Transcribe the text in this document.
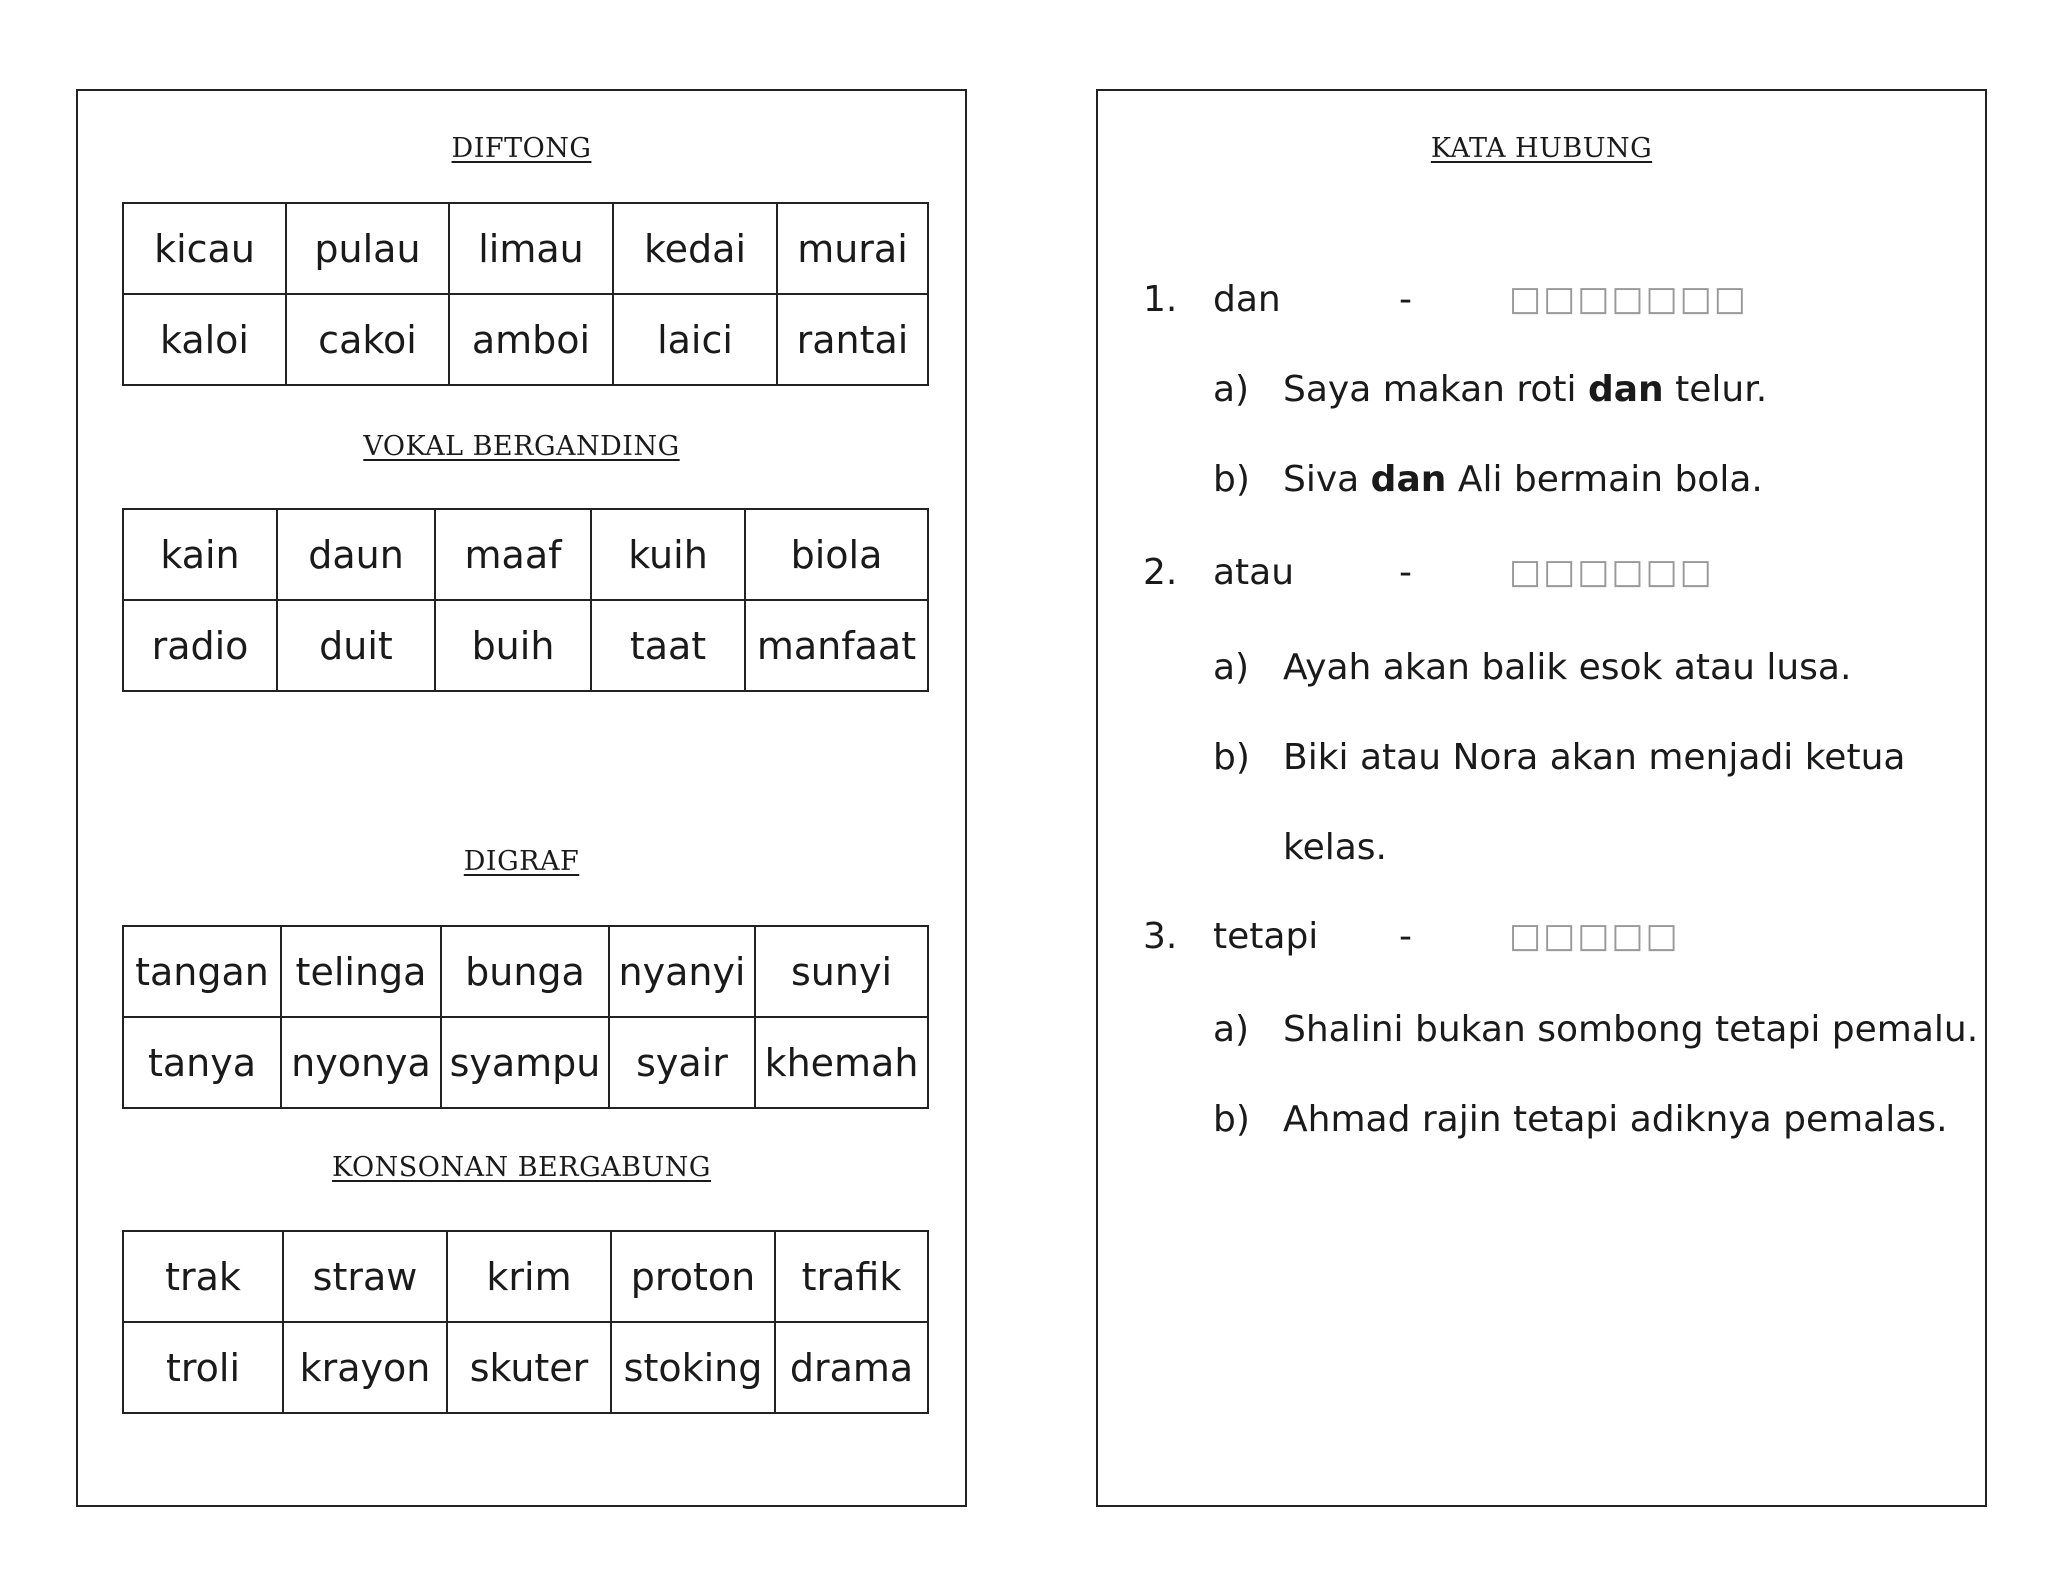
DIFTONG
kicau	pulau	limau	kedai	murai
kaloi	cakoi	amboi	laici	rantai
VOKAL BERGANDING
kain	daun	maaf	kuih	biola
radio	duit	buih	taat	manfaat
DIGRAF
tangan	telinga	bunga	nyanyi	sunyi
tanya	nyonya	syampu	syair	khemah
KONSONAN BERGABUNG
trak	straw	krim	proton	trafik
troli	krayon	skuter	stoking	drama
KATA HUBUNG
1. dan	-	□□□□□□□
a) Saya makan roti dan telur.
b) Siva dan Ali bermain bola.
2. atau	-	□□□□□□
a) Ayah akan balik esok atau lusa.
b) Biki atau Nora akan menjadi ketua
kelas.
3. tetapi -	□□□□□
a) Shalini bukan sombong tetapi pemalu.
b) Ahmad rajin tetapi adiknya pemalas.
